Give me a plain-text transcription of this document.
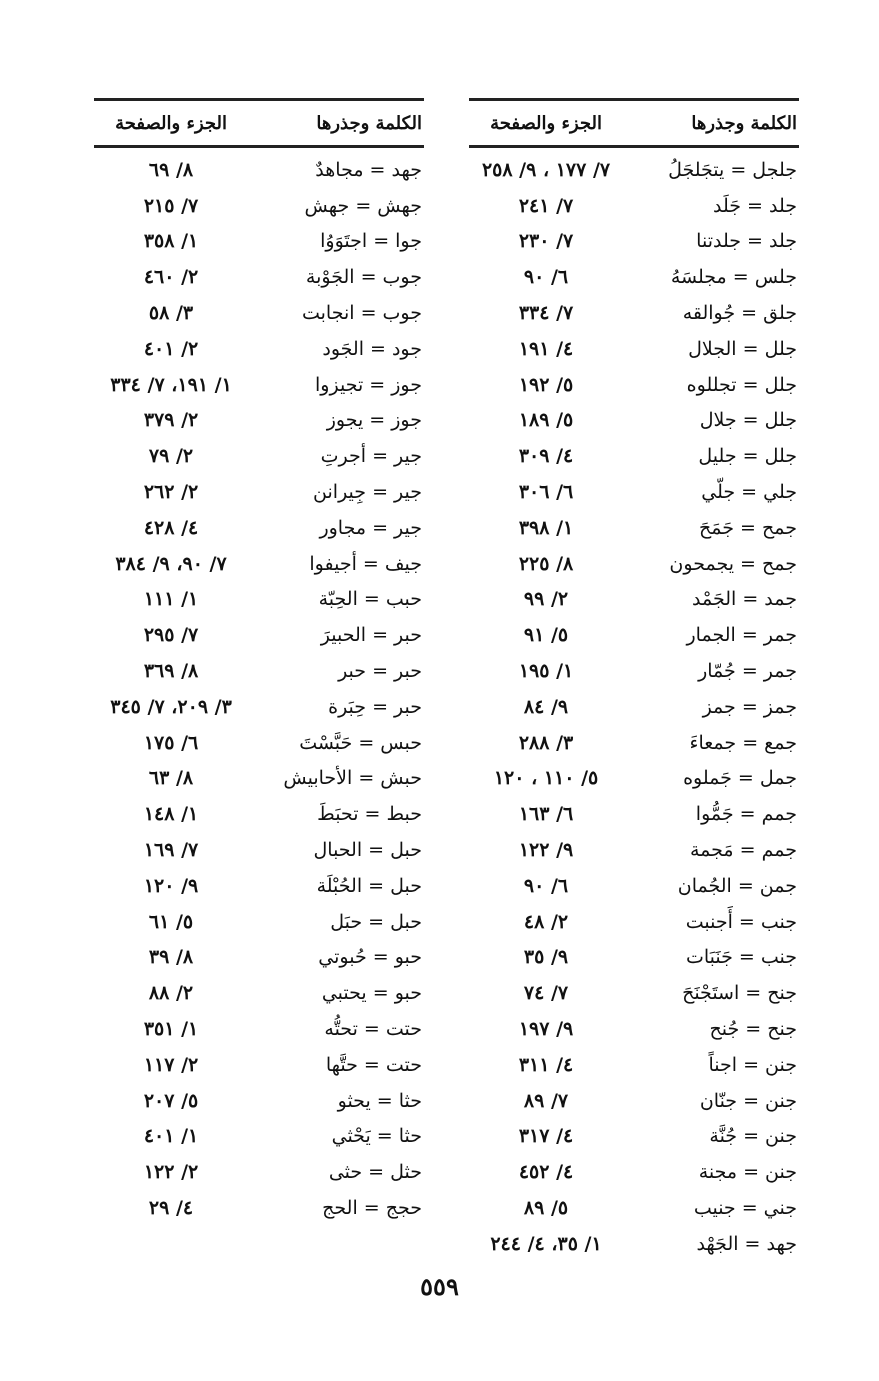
الكلمة وجذرها
الجزء والصفحة
جلجل = يتجَلجَلُ
٧/ ١٧٧ ، ٩/ ٢٥٨
جلد = جَلَد
٧/ ٢٤١
جلد = جلدتنا
٧/ ٢٣٠
جلس = مجلسَهُ
٦/ ٩٠
جلق = جُوالقه
٧/ ٣٣٤
جلل = الجلال
٤/ ١٩١
جلل = تجللوه
٥/ ١٩٢
جلل = جلال
٥/ ١٨٩
جلل = جليل
٤/ ٣٠٩
جلي = جلّي
٦/ ٣٠٦
جمح = جَمَحَ
١/ ٣٩٨
جمح = يجمحون
٨/ ٢٢٥
جمد = الجَمْد
٢/ ٩٩
جمر = الجمار
٥/ ٩١
جمر = جُمّار
١/ ١٩٥
جمز = جمز
٩/ ٨٤
جمع = جمعاءَ
٣/ ٢٨٨
جمل = جَملوه
٥/ ١١٠ ، ١٢٠
جمم = جَمُّوا
٦/ ١٦٣
جمم = مَجمة
٩/ ١٢٢
جمن = الجُمان
٦/ ٩٠
جنب = أَجنبت
٢/ ٤٨
جنب = جَنَبَات
٩/ ٣٥
جنح = استَجْنَحَ
٧/ ٧٤
جنح = جُنح
٩/ ١٩٧
جنن = اجناً
٤/ ٣١١
جنن = جنّان
٧/ ٨٩
جنن = جُنَّة
٤/ ٣١٧
جنن = مجنة
٤/ ٤٥٢
جني = جنيب
٥/ ٨٩
جهد = الجَهْد
١/ ٣٥، ٤/ ٢٤٤
الكلمة وجذرها
الجزء والصفحة
جهد = مجاهدٌ
٨/ ٦٩
جهش = جهش
٧/ ٢١٥
جوا = اجتَوَوُا
١/ ٣٥٨
جوب = الجَوْبة
٢/ ٤٦٠
جوب = انجابت
٣/ ٥٨
جود = الجَود
٢/ ٤٠١
جوز = تجيزوا
١/ ١٩١، ٧/ ٣٣٤
جوز = يجوز
٢/ ٣٧٩
جير = أجرتِ
٢/ ٧٩
جير = جِيرانن
٢/ ٢٦٢
جير = مجاور
٤/ ٤٢٨
جيف = أجيفوا
٧/ ٩٠، ٩/ ٣٨٤
حبب = الحِبّة
١/ ١١١
حبر = الحبيرَ
٧/ ٢٩٥
حبر = حبر
٨/ ٣٦٩
حبر = حِبَرة
٣/ ٢٠٩، ٧/ ٣٤٥
حبس = حَبَّسْتَ
٦/ ١٧٥
حبش = الأحابيش
٨/ ٦٣
حبط = تحبَطَ
١/ ١٤٨
حبل = الحبال
٧/ ١٦٩
حبل = الحُبْلَة
٩/ ١٢٠
حبل = حبَل
٥/ ٦١
حبو = حُبوتي
٨/ ٣٩
حبو = يحتبي
٢/ ٨٨
حتت = تحتُّه
١/ ٣٥١
حتت = حتَّها
٢/ ١١٧
حثا = يحثو
٥/ ٢٠٧
حثا = يَحْثي
١/ ٤٠١
حثل = حثى
٢/ ١٢٢
حجج = الحج
٤/ ٢٩
٥٥٩
